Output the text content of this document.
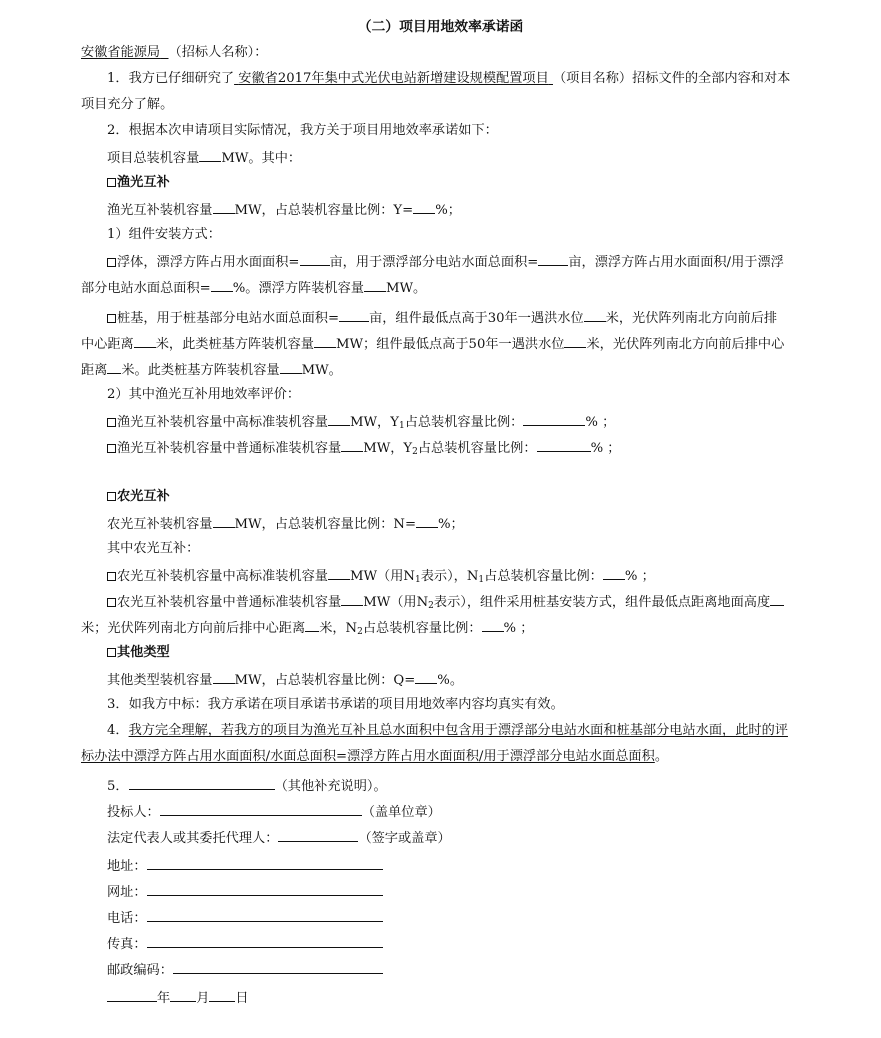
（二）项目用地效率承诺函
安徽省能源局 （招标人名称）：
1．我方已仔细研究了 安徽省2017年集中式光伏电站新增建设规模配置项目 （项目名称）招标文件的全部内容和对本
项目充分了解。
2．根据本次申请项目实际情况，我方关于项目用地效率承诺如下：
项目总装机容量 MW。其中：
渔光互补
渔光互补装机容量 MW，占总装机容量比例：Y= %；
1）组件安装方式：
浮体，漂浮方阵占用水面面积= 亩，用于漂浮部分电站水面总面积= 亩，漂浮方阵占用水面面积/用于漂浮
部分电站水面总面积= %。漂浮方阵装机容量 MW。
桩基，用于桩基部分电站水面总面积= 亩，组件最低点高于30年一遇洪水位 米，光伏阵列南北方向前后排
中心距离 米，此类桩基方阵装机容量 MW；组件最低点高于50年一遇洪水位 米，光伏阵列南北方向前后排中心
距离 米。此类桩基方阵装机容量 MW。
2）其中渔光互补用地效率评价：
渔光互补装机容量中高标准装机容量 MW，$Y_1$占总装机容量比例：	% ；
渔光互补装机容量中普通标准装机容量 MW，$Y_2$占总装机容量比例：	% ；
农光互补
农光互补装机容量 MW，占总装机容量比例：N= %；
其中农光互补：
农光互补装机容量中高标准装机容量 MW（用$N_1$表示），$N_1$占总装机容量比例： % ；
农光互补装机容量中普通标准装机容量 MW（用$N_2$表示），组件采用桩基安装方式，组件最低点距离地面高度
米；光伏阵列南北方向前后排中心距离 米，$N_2$占总装机容量比例： % ；
其他类型
其他类型装机容量 MW，占总装机容量比例：Q= %。
3．如我方中标：我方承诺在项目承诺书承诺的项目用地效率内容均真实有效。
4．我方完全理解，若我方的项目为渔光互补且总水面积中包含用于漂浮部分电站水面和桩基部分电站水面，此时的评
标办法中漂浮方阵占用水面面积/水面总面积=漂浮方阵占用水面面积/用于漂浮部分电站水面总面积。
5．	（其他补充说明）。
投标人：	（盖单位章）
法定代表人或其委托代理人：	（签字或盖章）
地址：
网址：
电话：
传真：
邮政编码：
年 月 日
